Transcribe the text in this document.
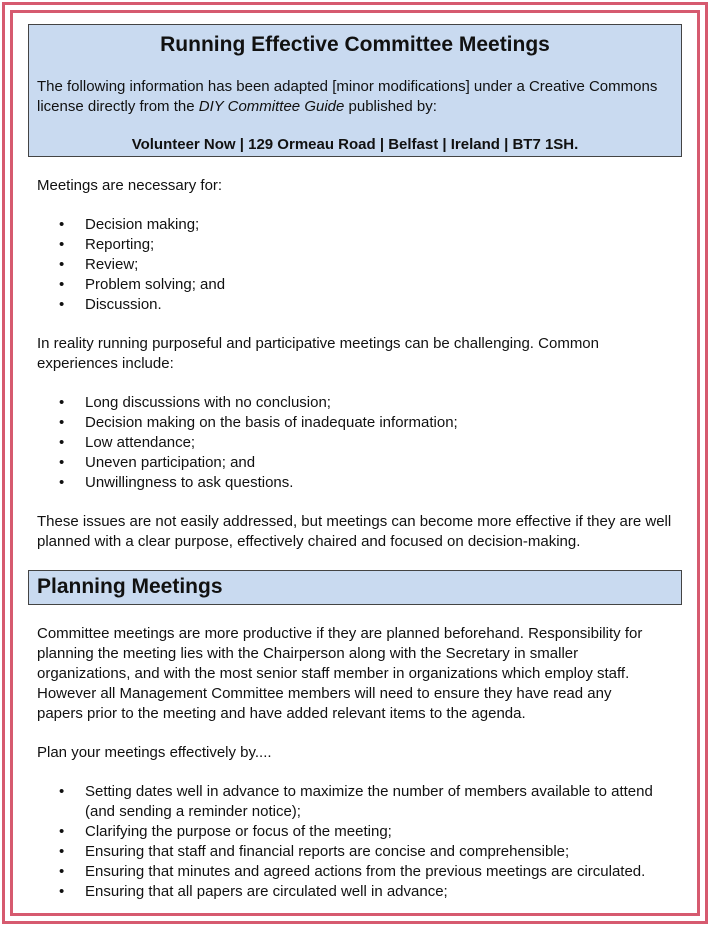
Running Effective Committee Meetings
The following information has been adapted [minor modifications] under a Creative Commons license directly from the DIY Committee Guide published by:
Volunteer Now | 129 Ormeau Road | Belfast | Ireland | BT7 1SH.
Meetings are necessary for:
• Decision making;
• Reporting;
• Review;
• Problem solving; and
• Discussion.
In reality running purposeful and participative meetings can be challenging. Common experiences include:
• Long discussions with no conclusion;
• Decision making on the basis of inadequate information;
• Low attendance;
• Uneven participation; and
• Unwillingness to ask questions.
These issues are not easily addressed, but meetings can become more effective if they are well planned with a clear purpose, effectively chaired and focused on decision-making.
Planning Meetings
Committee meetings are more productive if they are planned beforehand. Responsibility for planning the meeting lies with the Chairperson along with the Secretary in smaller organizations, and with the most senior staff member in organizations which employ staff. However all Management Committee members will need to ensure they have read any papers prior to the meeting and have added relevant items to the agenda.
Plan your meetings effectively by....
• Setting dates well in advance to maximize the number of members available to attend (and sending a reminder notice);
• Clarifying the purpose or focus of the meeting;
• Ensuring that staff and financial reports are concise and comprehensible;
• Ensuring that minutes and agreed actions from the previous meetings are circulated.
• Ensuring that all papers are circulated well in advance;
